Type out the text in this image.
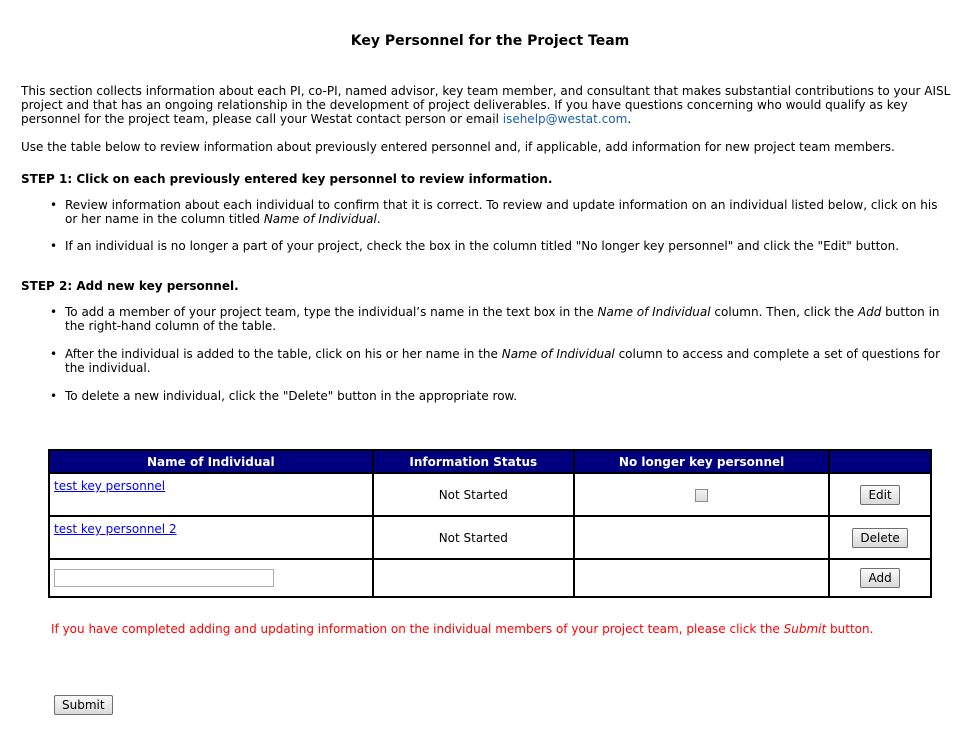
Key Personnel for the Project Team
This section collects information about each PI, co-PI, named advisor, key team member, and consultant that makes substantial contributions to your AISL project and that has an ongoing relationship in the development of project deliverables. If you have questions concerning who would qualify as key personnel for the project team, please call your Westat contact person or email isehelp@westat.com.
Use the table below to review information about previously entered personnel and, if applicable, add information for new project team members.
STEP 1: Click on each previously entered key personnel to review information.
• Review information about each individual to confirm that it is correct. To review and update information on an individual listed below, click on his or her name in the column titled Name of Individual.
• If an individual is no longer a part of your project, check the box in the column titled "No longer key personnel" and click the "Edit" button.
STEP 2: Add new key personnel.
• To add a member of your project team, type the individual’s name in the text box in the Name of Individual column. Then, click the Add button in the right-hand column of the table.
• After the individual is added to the table, click on his or her name in the Name of Individual column to access and complete a set of questions for the individual.
• To delete a new individual, click the "Delete" button in the appropriate row.
Name of Individual	Information Status	No longer key personnel	
test key personnel	Not Started		Edit
test key personnel 2	Not Started		Delete
			Add
If you have completed adding and updating information on the individual members of your project team, please click the Submit button.
Submit
